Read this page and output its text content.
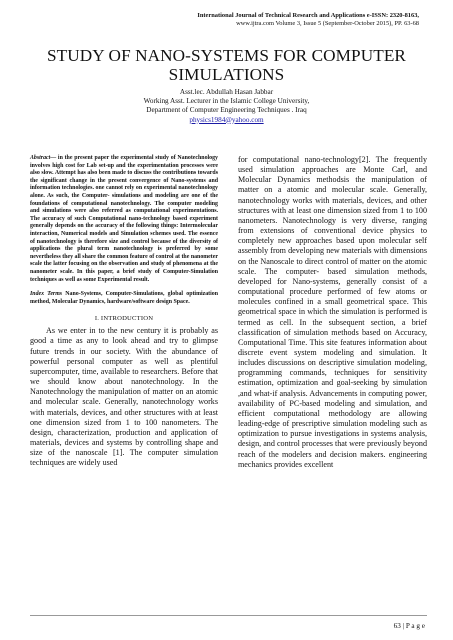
International Journal of Technical Research and Applications e-ISSN: 2320-8163,
www.ijtra.com Volume 3, Issue 5 (September-October 2015), PP. 63-68
STUDY OF NANO-SYSTEMS FOR COMPUTER SIMULATIONS
Asst.lec. Abdullah Hasan Jabbar
Working Asst. Lecturer in the Islamic College University,
Department of Computer Engineering Techniques . Iraq
physics1984@yahoo.com

Abstract— in the present paper the experimental study of Nanotechnology involves high cost for Lab set-up and the experimentation processes were also slow. Attempt has also been made to discuss the contributions towards the significant change in the present convergence of Nano-systems and information technologies. one cannot rely on experimental nanotechnology alone. As such, the Computer- simulations and modeling are one of the foundations of computational nanotechnology. The computer modeling and simulations were also referred as computational experimentations. The accuracy of such Computational nano-technology based experiment generally depends on the accuracy of the following things: Intermolecular interaction, Numerical models and Simulation schemes used. The essence of nanotechnology is therefore size and control because of the diversity of applications the plural term nanotechnology is preferred by some nevertheless they all share the common feature of control at the nanometer scale the latter focusing on the observation and study of phenomena at the nanometer scale. In this paper, a brief study of Computer-Simulation techniques as well as some Experimental result.

Index Terms Nano-Systems, Computer-Simulations, global optimization method, Molecular Dynamics, hardware/software design Space.

I. INTRODUCTION

As we enter in to the new century it is probably as good a time as any to look ahead and try to glimpse future trends in our society. With the abundance of powerful personal computer as well as plentiful supercomputer, time, available to researchers. Before that we should know about nanotechnology. In the Nanotechnology the manipulation of matter on an atomic and molecular scale. Generally, nanotechnology works with materials, devices, and other structures with at least one dimension sized from 1 to 100 nanometers. The design, characterization, production and application of materials, devices and systems by controlling shape and size of the nanoscale [1]. The computer simulation techniques are widely used

for computational nano-technology[2]. The frequently used simulation approaches are Monte Carl, and Molecular Dynamics methodsis the manipulation of matter on a atomic and molecular scale. Generally, nanotechnology works with materials, devices, and other structures with at least one dimension sized from 1 to 100 nanometers. Nanotechnology is very diverse, ranging from extensions of conventional device physics to completely new approaches based upon molecular self assembly from developing new materials with dimensions on the Nanoscale to direct control of matter on the atomic scale. The computer- based simulation methods, developed for Nano-systems, generally consist of a computational procedure performed of few atoms or molecules confined in a small geometrical space. This geometrical space in which the simulation is performed is termed as cell. In the subsequent section, a brief classification of simulation methods based on Accuracy, Computational Time. This site features information about discrete event system modeling and simulation. It includes discussions on descriptive simulation modeling, programming commands, techniques for sensitivity estimation, optimization and goal-seeking by simulation ,and what-if analysis. Advancements in computing power, availability of PC-based modeling and simulation, and efficient computational methodology are allowing leading-edge of prescriptive simulation modeling such as optimization to pursue investigations in systems analysis, design, and control processes that were previously beyond reach of the modelers and decision makers. engineering mechanics provides excellent

63 | P a g e
